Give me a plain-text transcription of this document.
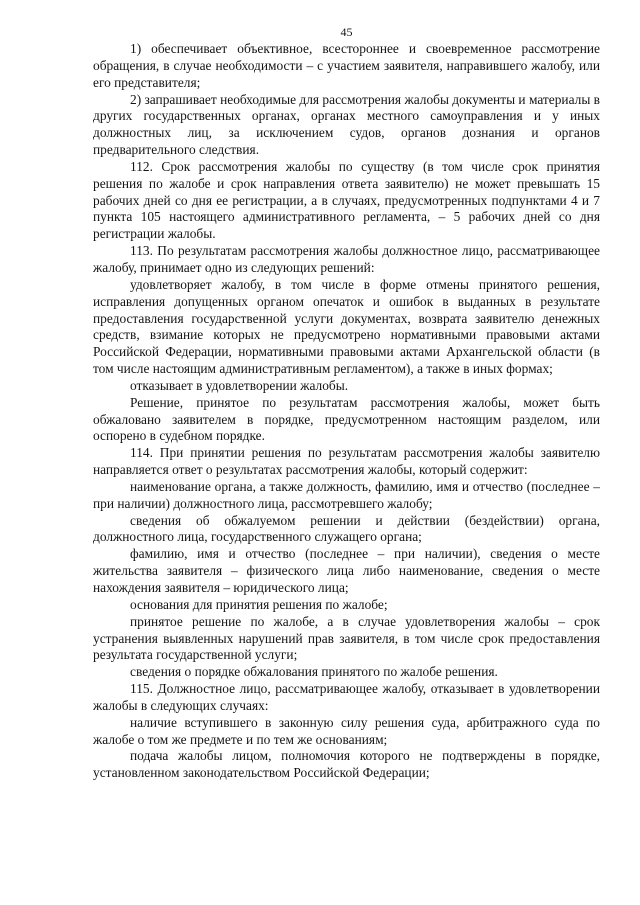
45

1) обеспечивает объективное, всестороннее и своевременное рассмотрение обращения, в случае необходимости – с участием заявителя, направившего жалобу, или его представителя;

2) запрашивает необходимые для рассмотрения жалобы документы и материалы в других государственных органах, органах местного самоуправления и у иных должностных лиц, за исключением судов, органов дознания и органов предварительного следствия.

112. Срок рассмотрения жалобы по существу (в том числе срок принятия решения по жалобе и срок направления ответа заявителю) не может превышать 15 рабочих дней со дня ее регистрации, а в случаях, предусмотренных подпунктами 4 и 7 пункта 105 настоящего административного регламента, – 5 рабочих дней со дня регистрации жалобы.

113. По результатам рассмотрения жалобы должностное лицо, рассматривающее жалобу, принимает одно из следующих решений:

удовлетворяет жалобу, в том числе в форме отмены принятого решения, исправления допущенных органом опечаток и ошибок в выданных в результате предоставления государственной услуги документах, возврата заявителю денежных средств, взимание которых не предусмотрено нормативными правовыми актами Российской Федерации, нормативными правовыми актами Архангельской области (в том числе настоящим административным регламентом), а также в иных формах;

отказывает в удовлетворении жалобы.

Решение, принятое по результатам рассмотрения жалобы, может быть обжаловано заявителем в порядке, предусмотренном настоящим разделом, или оспорено в судебном порядке.

114. При принятии решения по результатам рассмотрения жалобы заявителю направляется ответ о результатах рассмотрения жалобы, который содержит:

наименование органа, а также должность, фамилию, имя и отчество (последнее – при наличии) должностного лица, рассмотревшего жалобу;

сведения об обжалуемом решении и действии (бездействии) органа, должностного лица, государственного служащего органа;

фамилию, имя и отчество (последнее – при наличии), сведения о месте жительства заявителя – физического лица либо наименование, сведения о месте нахождения заявителя – юридического лица;

основания для принятия решения по жалобе;

принятое решение по жалобе, а в случае удовлетворения жалобы – срок устранения выявленных нарушений прав заявителя, в том числе срок предоставления результата государственной услуги;

сведения о порядке обжалования принятого по жалобе решения.

115. Должностное лицо, рассматривающее жалобу, отказывает в удовлетворении жалобы в следующих случаях:

наличие вступившего в законную силу решения суда, арбитражного суда по жалобе о том же предмете и по тем же основаниям;

подача жалобы лицом, полномочия которого не подтверждены в порядке, установленном законодательством Российской Федерации;
